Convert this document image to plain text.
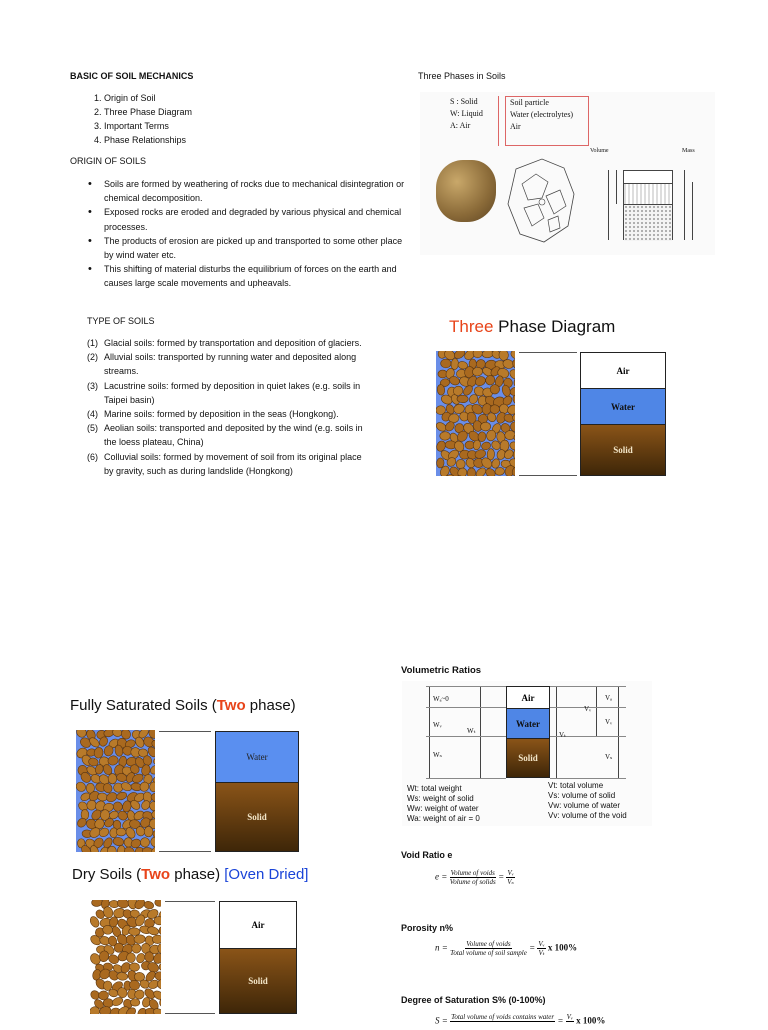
BASIC OF SOIL MECHANICS
1. Origin of Soil
2. Three Phase Diagram
3. Important Terms
4. Phase Relationships
ORIGIN OF SOILS
• Soils are formed by weathering of rocks due to mechanical disintegration or chemical decomposition.
• Exposed rocks are eroded and degraded by various physical and chemical processes.
• The products of erosion are picked up and transported to some other place by wind water etc.
• This shifting of material disturbs the equilibrium of forces on the earth and causes large scale movements and upheavals.
TYPE OF SOILS
(1) Glacial soils: formed by transportation and deposition of glaciers.
(2) Alluvial soils: transported by running water and deposited along streams.
(3) Lacustrine soils: formed by deposition in quiet lakes (e.g. soils in Taipei basin)
(4) Marine soils: formed by deposition in the seas (Hongkong).
(5) Aeolian soils: transported and deposited by the wind (e.g. soils in the loess plateau, China)
(6) Colluvial soils: formed by movement of soil from its original place by gravity, such as during landslide (Hongkong)
Three Phases in Soils
S : Solid
W: Liquid
A: Air
Soil particle
Water (electrolytes)
Air
Volume	Mass
Three Phase Diagram
Air
Water
Solid
Fully Saturated Soils (Two phase)
Water
Solid
Dry Soils (Two phase) [Oven Dried]
Air
Solid
Volumetric Ratios
Wₐ~0
Wᵥ
Wₛ
Wₜ
Air
Water
Solid
Vₜ
Vᵥ
Vₐ
Vᵥ
Vₛ
Wt: total weight
Ws: weight of solid
Ww: weight of water
Wa: weight of air = 0
Vt: total volume
Vs: volume of solid
Vw: volume of water
Vv: volume of the void
Void Ratio e
$e = \frac{\text{Volume of voids}}{\text{Volume of solids}} = \frac{\text{Vᵥ}}{\text{Vₛ}}$
Porosity n%
$n = \frac{\text{Volume of voids}}{\text{Total volume of soil sample}} = \frac{\text{Vᵥ}}{\text{Vₜ}}$ x 100%
Degree of Saturation S% (0-100%)
S = Total volume of voids contains water
= Vᵥ
x 100%
